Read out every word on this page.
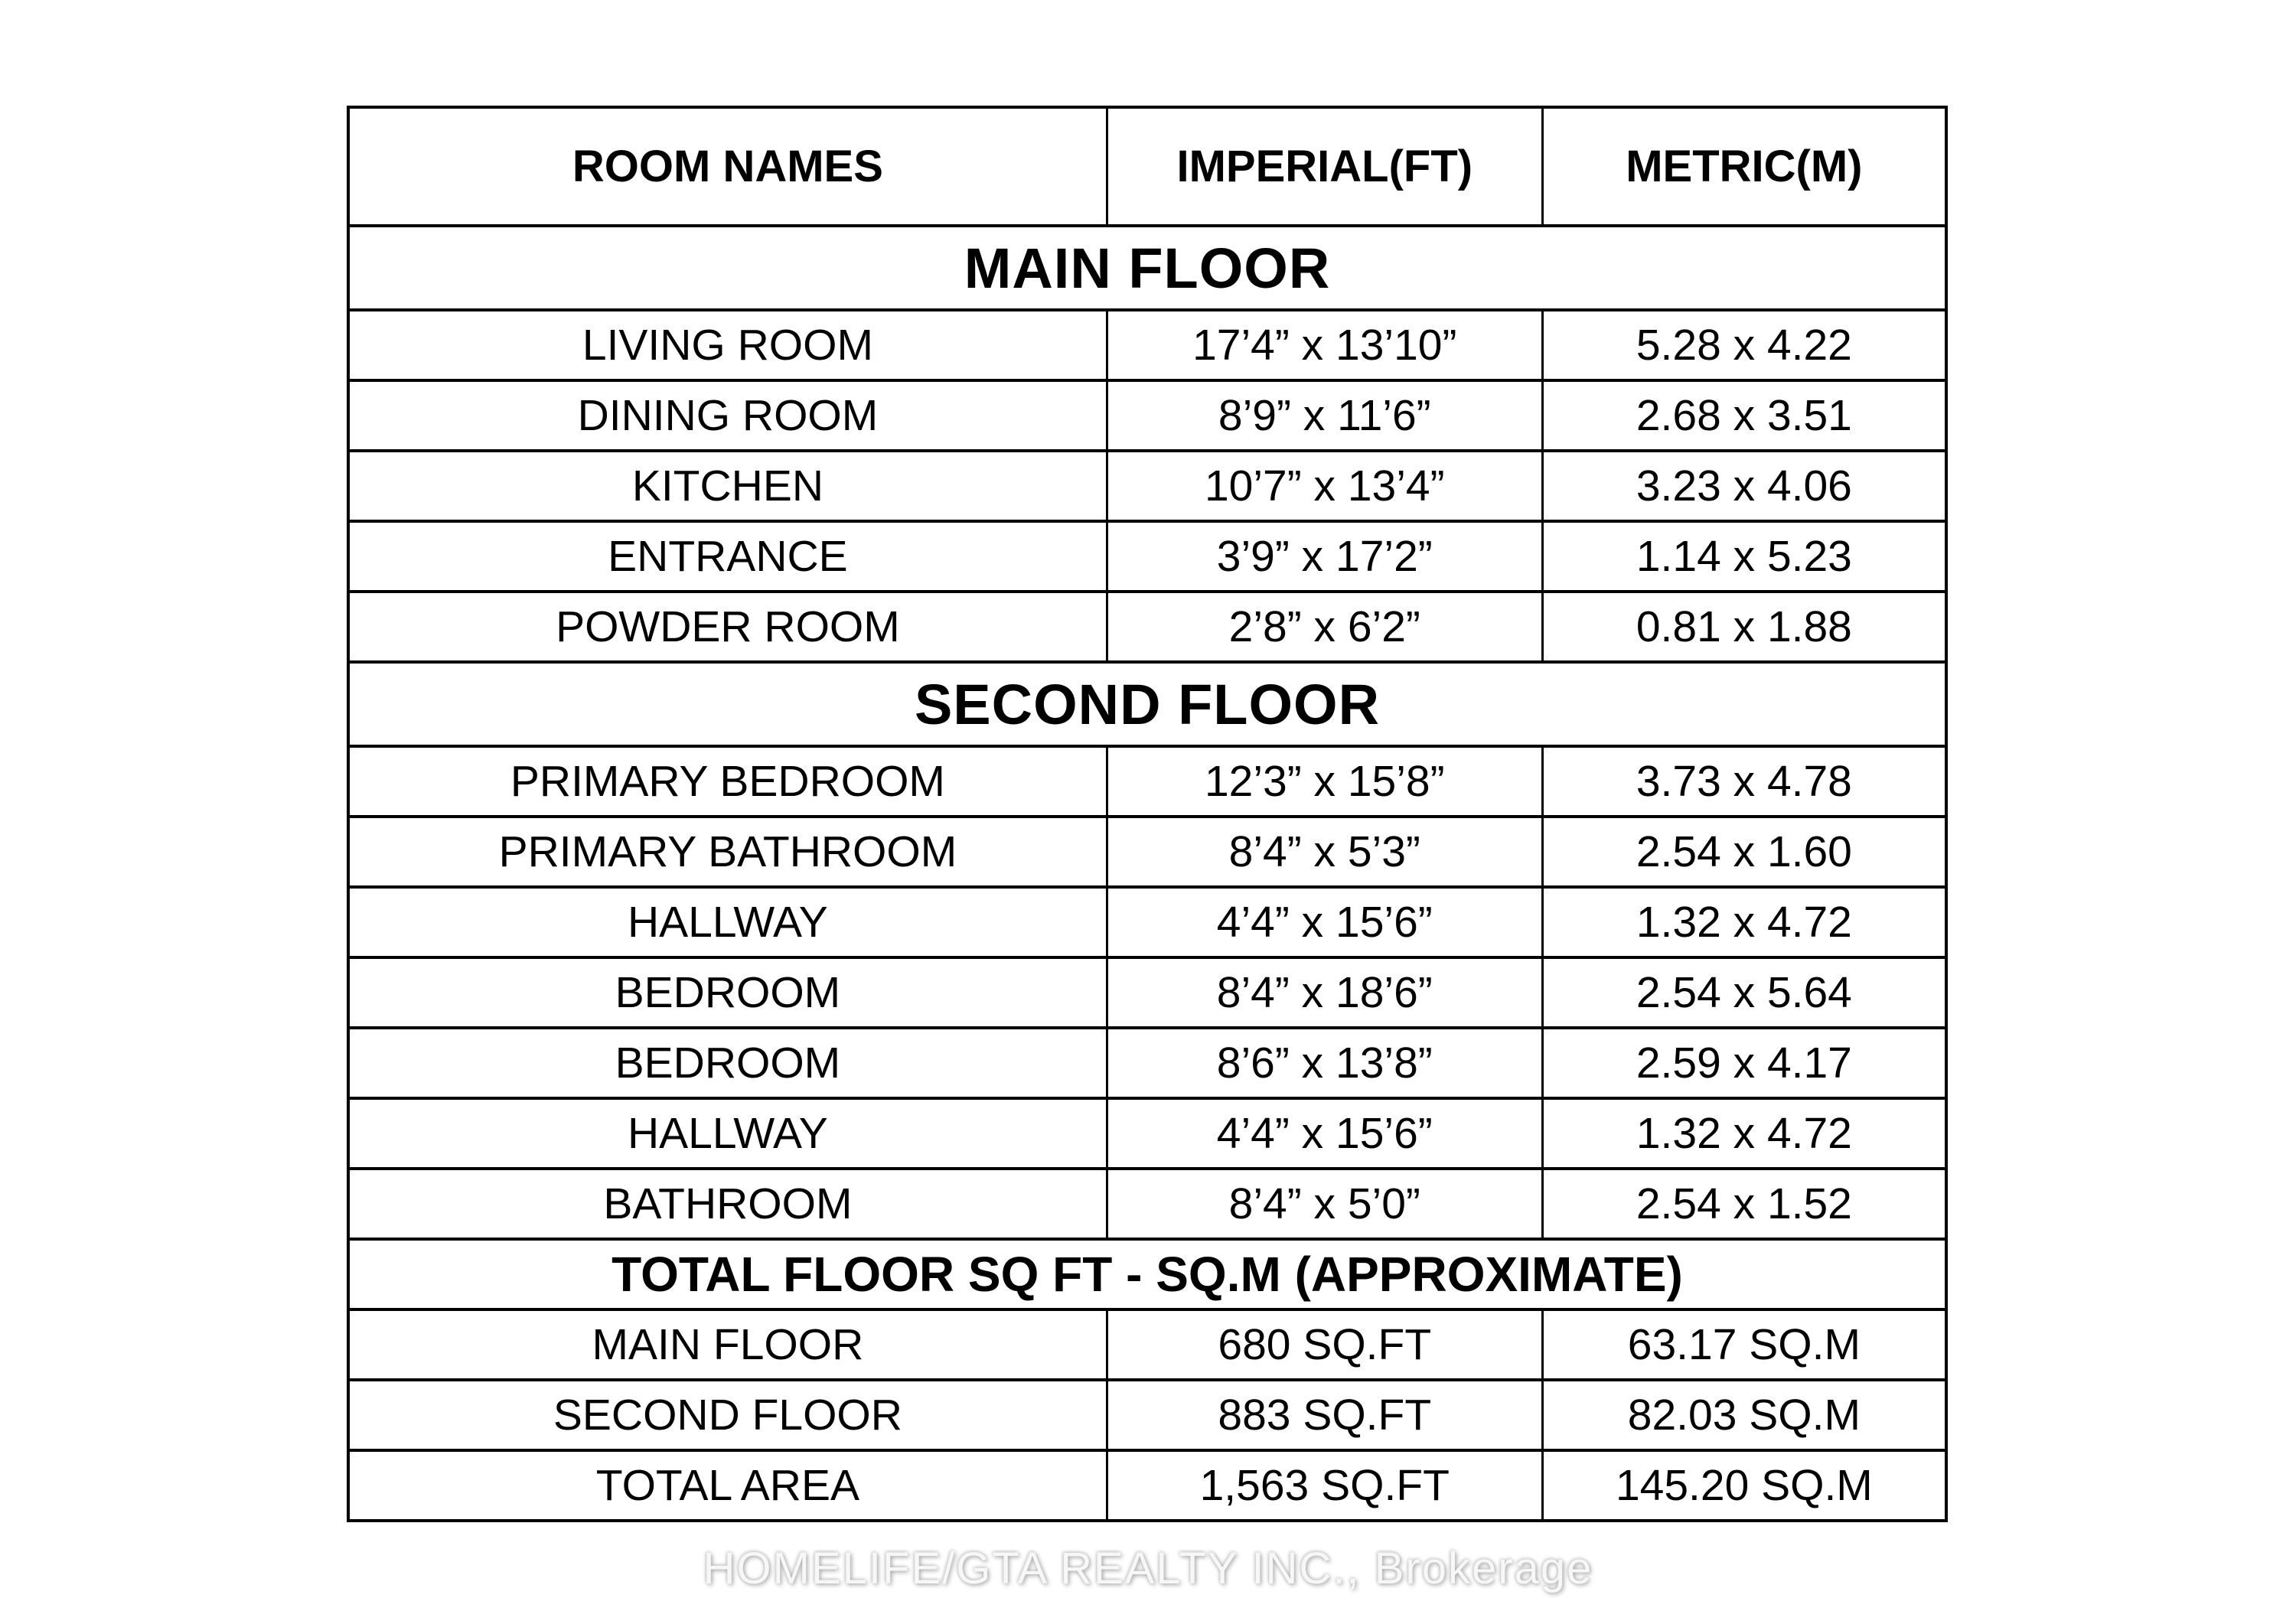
ROOM NAMES	IMPERIAL(FT)	METRIC(M)
MAIN FLOOR
LIVING ROOM	17’4” x 13’10”	5.28 x 4.22
DINING ROOM	8’9” x 11’6”	2.68 x 3.51
KITCHEN	10’7” x 13’4”	3.23 x 4.06
ENTRANCE	3’9” x 17’2”	1.14 x 5.23
POWDER ROOM	2’8” x 6’2”	0.81 x 1.88
SECOND FLOOR
PRIMARY BEDROOM	12’3” x 15’8”	3.73 x 4.78
PRIMARY BATHROOM	8’4” x 5’3”	2.54 x 1.60
HALLWAY	4’4” x 15’6”	1.32 x 4.72
BEDROOM	8’4” x 18’6”	2.54 x 5.64
BEDROOM	8’6” x 13’8”	2.59 x 4.17
HALLWAY	4’4” x 15’6”	1.32 x 4.72
BATHROOM	8’4” x 5’0”	2.54 x 1.52
TOTAL FLOOR SQ FT - SQ.M (APPROXIMATE)
MAIN FLOOR	680 SQ.FT	63.17 SQ.M
SECOND FLOOR	883 SQ.FT	82.03 SQ.M
TOTAL AREA	1,563 SQ.FT	145.20 SQ.M
HOMELIFE/GTA REALTY INC., Brokerage
